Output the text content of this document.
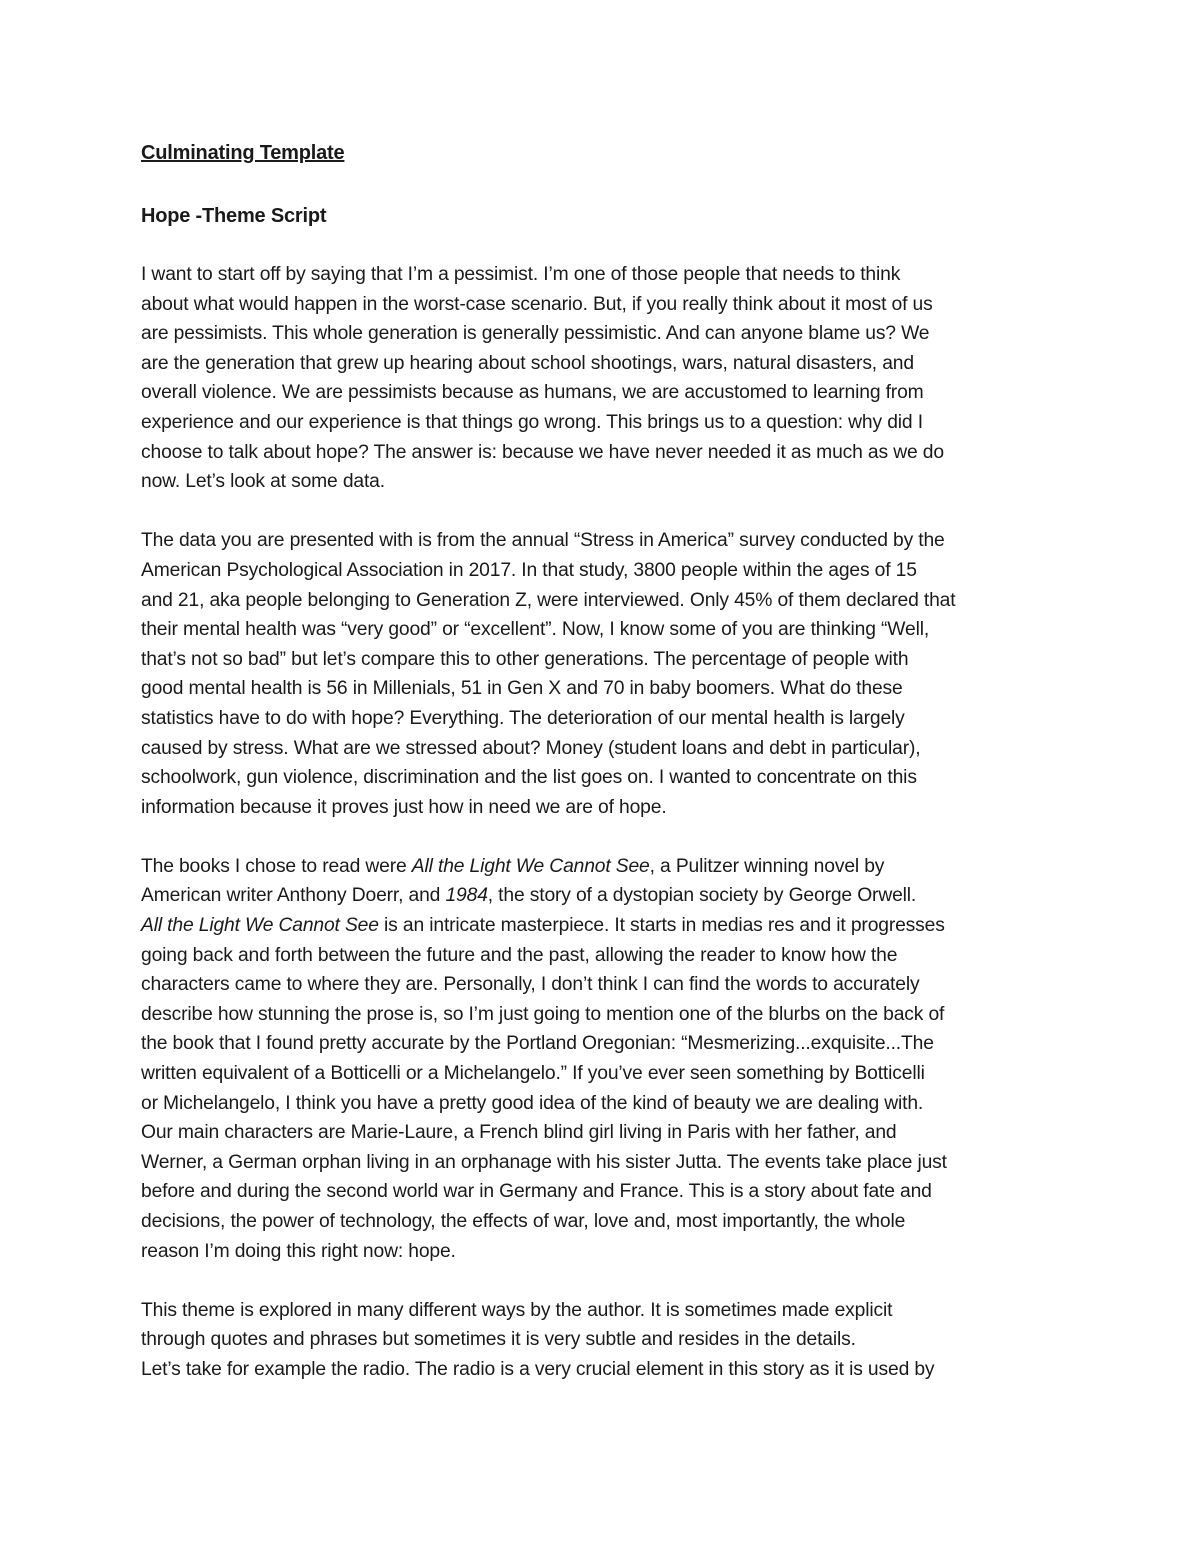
Culminating Template
Hope -Theme Script
I want to start off by saying that I’m a pessimist. I’m one of those people that needs to think
about what would happen in the worst-case scenario. But, if you really think about it most of us
are pessimists. This whole generation is generally pessimistic. And can anyone blame us? We
are the generation that grew up hearing about school shootings, wars, natural disasters, and
overall violence. We are pessimists because as humans, we are accustomed to learning from
experience and our experience is that things go wrong. This brings us to a question: why did I
choose to talk about hope? The answer is: because we have never needed it as much as we do
now. Let’s look at some data.
The data you are presented with is from the annual “Stress in America” survey conducted by the
American Psychological Association in 2017. In that study, 3800 people within the ages of 15
and 21, aka people belonging to Generation Z, were interviewed. Only 45% of them declared that
their mental health was “very good” or “excellent”. Now, I know some of you are thinking “Well,
that’s not so bad” but let’s compare this to other generations. The percentage of people with
good mental health is 56 in Millenials, 51 in Gen X and 70 in baby boomers. What do these
statistics have to do with hope? Everything. The deterioration of our mental health is largely
caused by stress. What are we stressed about? Money (student loans and debt in particular),
schoolwork, gun violence, discrimination and the list goes on. I wanted to concentrate on this
information because it proves just how in need we are of hope.
The books I chose to read were All the Light We Cannot See, a Pulitzer winning novel by
American writer Anthony Doerr, and 1984, the story of a dystopian society by George Orwell.
All the Light We Cannot See is an intricate masterpiece. It starts in medias res and it progresses
going back and forth between the future and the past, allowing the reader to know how the
characters came to where they are. Personally, I don’t think I can find the words to accurately
describe how stunning the prose is, so I’m just going to mention one of the blurbs on the back of
the book that I found pretty accurate by the Portland Oregonian: “Mesmerizing...exquisite...The
written equivalent of a Botticelli or a Michelangelo.” If you’ve ever seen something by Botticelli
or Michelangelo, I think you have a pretty good idea of the kind of beauty we are dealing with.
Our main characters are Marie-Laure, a French blind girl living in Paris with her father, and
Werner, a German orphan living in an orphanage with his sister Jutta. The events take place just
before and during the second world war in Germany and France. This is a story about fate and
decisions, the power of technology, the effects of war, love and, most importantly, the whole
reason I’m doing this right now: hope.
This theme is explored in many different ways by the author. It is sometimes made explicit
through quotes and phrases but sometimes it is very subtle and resides in the details.
Let’s take for example the radio. The radio is a very crucial element in this story as it is used by
